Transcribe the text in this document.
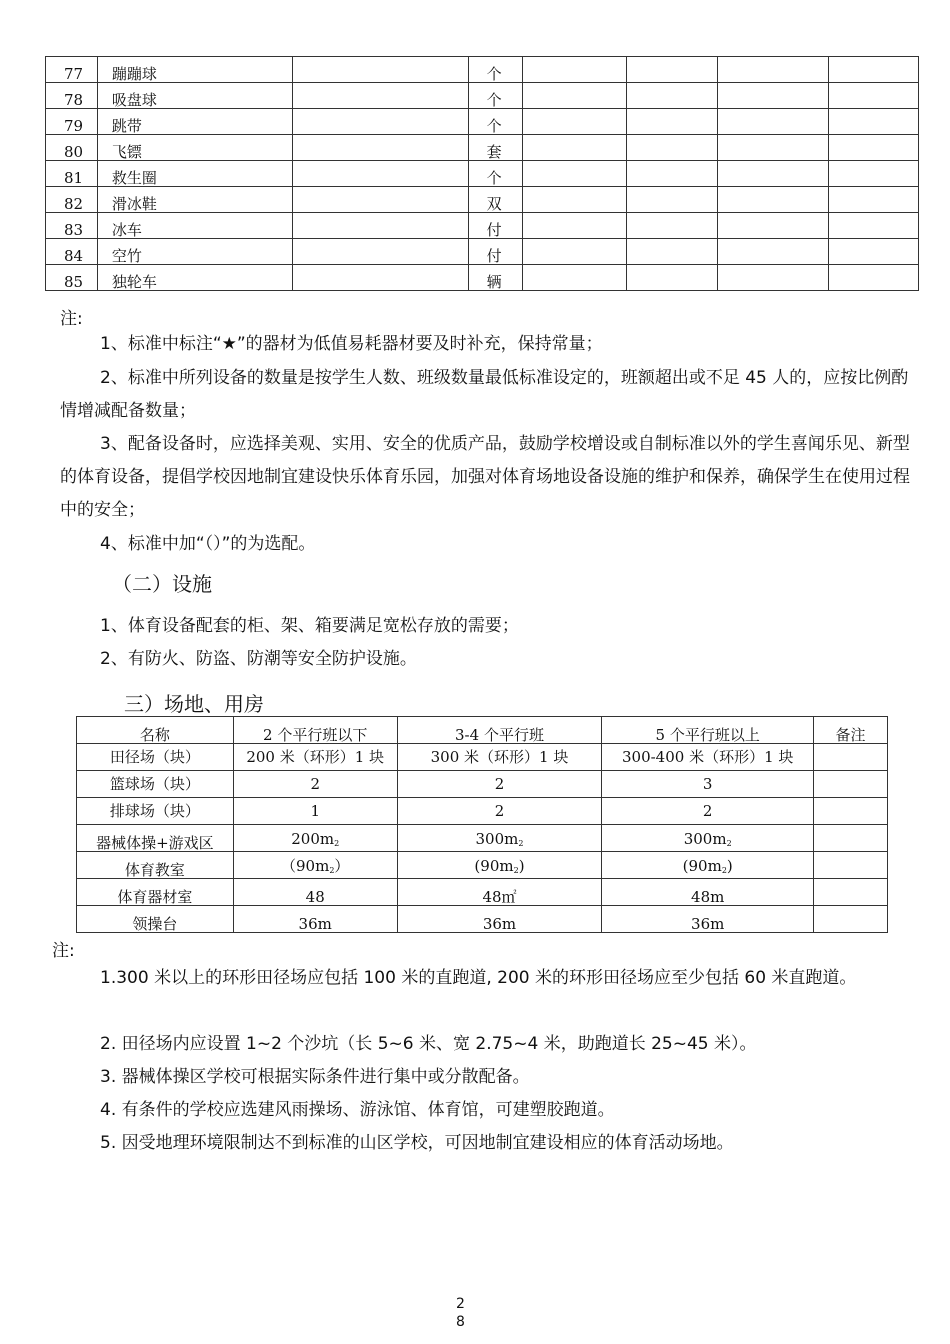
77	蹦蹦球		个				
78	吸盘球		个				
79	跳带		个				
80	飞镖		套				
81	救生圈		个				
82	滑冰鞋		双				
83	冰车		付				
84	空竹		付				
85	独轮车		辆				
注:
1、标准中标注“★”的器材为低值易耗器材要及时补充，保持常量；
2、标准中所列设备的数量是按学生人数、班级数量最低标准设定的，班额超出或不足 45 人的，应按比例酌情增减配备数量；
3、配备设备时，应选择美观、实用、安全的优质产品，鼓励学校增设或自制标准以外的学生喜闻乐见、新型的体育设备，提倡学校因地制宜建设快乐体育乐园，加强对体育场地设备设施的维护和保养，确保学生在使用过程中的安全；
4、标准中加“（）”的为选配。
（二）设施
1、体育设备配套的柜、架、箱要满足宽松存放的需要；
2、有防火、防盗、防潮等安全防护设施。
三）场地、用房
名称	2 个平行班以下	3-4 个平行班	5 个平行班以上	备注
田径场（块）	200 米（环形）1 块	300 米（环形）1 块	300-400 米（环形）1 块	
篮球场（块）	2	2	3	
排球场（块）	1	2	2	
器械体操+游戏区	$200m_2$	$300m_2$	$300m_2$	
体育教室	$(90m_2)$	$(90m_2)$	$(90m_2)$	
体育器材室	48	48㎡	48m	
领操台	36m	36m	36m	
注:
1.300 米以上的环形田径场应包括 100 米的直跑道, 200 米的环形田径场应至少包括 60 米直跑道。
2. 田径场内应设置 1~2 个沙坑（长 5~6 米、宽 2.75~4 米，助跑道长 25~45 米）。
3. 器械体操区学校可根据实际条件进行集中或分散配备。
4. 有条件的学校应选建风雨操场、游泳馆、体育馆，可建塑胶跑道。
5. 因受地理环境限制达不到标准的山区学校，可因地制宜建设相应的体育活动场地。
2
8
